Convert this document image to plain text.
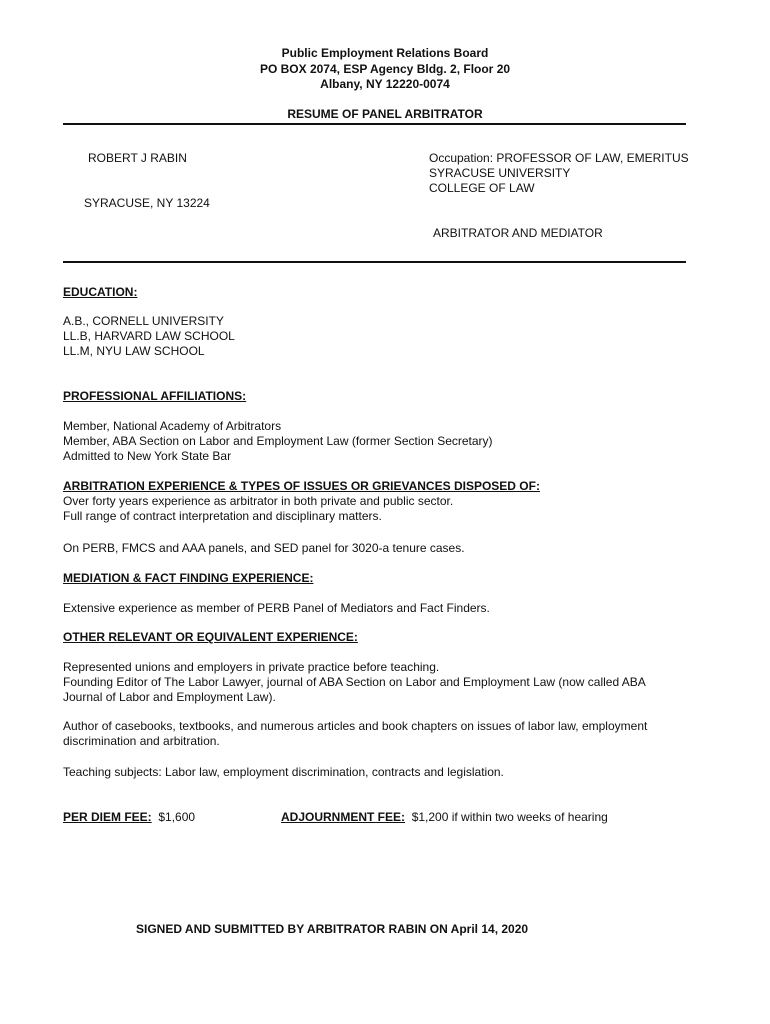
Public Employment Relations Board
PO BOX 2074, ESP Agency Bldg. 2, Floor 20
Albany, NY 12220-0074
RESUME OF PANEL ARBITRATOR
ROBERT J RABIN
SYRACUSE, NY 13224
Occupation: PROFESSOR OF LAW, EMERITUS
SYRACUSE UNIVERSITY
COLLEGE OF LAW
ARBITRATOR AND MEDIATOR
EDUCATION:
A.B., CORNELL UNIVERSITY
LL.B, HARVARD LAW SCHOOL
LL.M, NYU LAW SCHOOL
PROFESSIONAL AFFILIATIONS:
Member, National Academy of Arbitrators
Member, ABA Section on Labor and Employment Law (former Section Secretary)
Admitted to New York State Bar
ARBITRATION EXPERIENCE & TYPES OF ISSUES OR GRIEVANCES DISPOSED OF:
Over forty years experience as arbitrator in both private and public sector.
Full range of contract interpretation and disciplinary matters.
On PERB, FMCS and AAA panels, and SED panel for 3020-a tenure cases.
MEDIATION & FACT FINDING EXPERIENCE:
Extensive experience as member of PERB Panel of Mediators and Fact Finders.
OTHER RELEVANT OR EQUIVALENT EXPERIENCE:
Represented unions and employers in private practice before teaching.
Founding Editor of The Labor Lawyer, journal of ABA Section on Labor and Employment Law (now called ABA
Journal of Labor and Employment Law).
Author of casebooks, textbooks, and numerous articles and book chapters on issues of labor law, employment
discrimination and arbitration.
Teaching subjects: Labor law, employment discrimination, contracts and legislation.
PER DIEM FEE: $1,600	ADJOURNMENT FEE: $1,200 if within two weeks of hearing
SIGNED AND SUBMITTED BY ARBITRATOR RABIN ON April 14, 2020
